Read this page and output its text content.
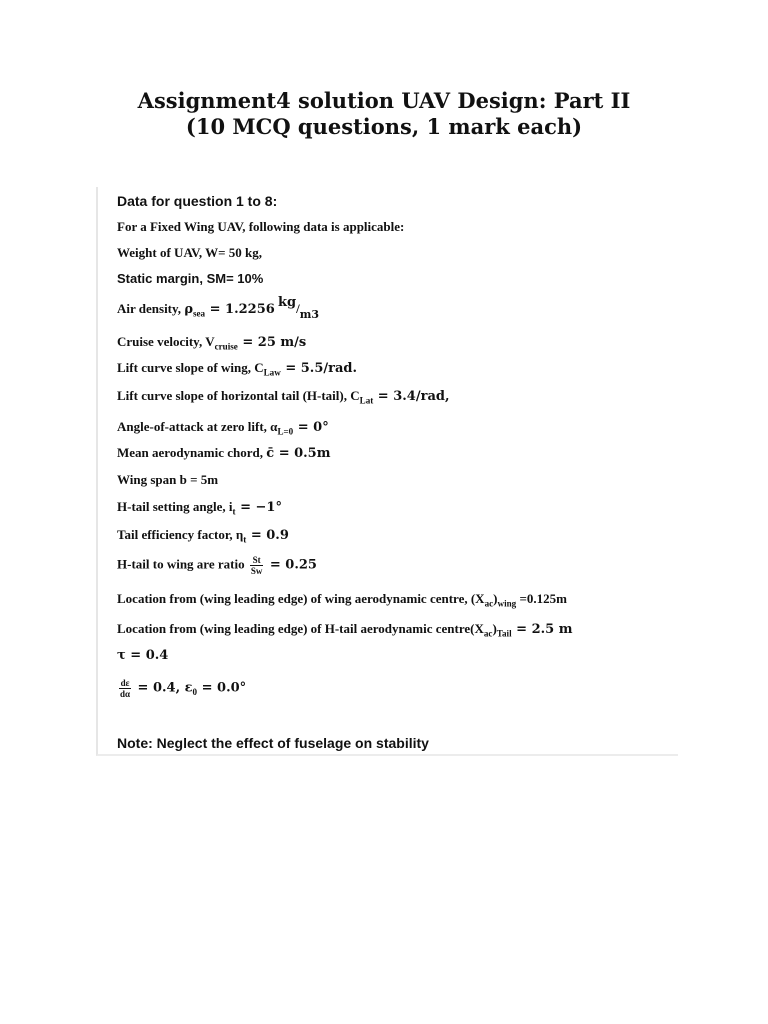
Assignment4 solution UAV Design: Part II
(10 MCQ questions, 1 mark each)
Data for question 1 to 8:
For a Fixed Wing UAV, following data is applicable:
Weight of UAV, W= 50 kg,
Static margin, SM= 10%
Air density, $\rho_{sea} = 1.2256$ $kg/_{m3}$
Cruise velocity, $V_{cruise} = 25$ m/s
Lift curve slope of wing, $C_{Law} = 5.5/rad$.
Lift curve slope of horizontal tail (H-tail), $C_{Lat} = 3.4/rad$,
Angle-of-attack at zero lift, $\alpha_{L=0} = 0^\circ$
Mean aerodynamic chord, c̄ = 0.5m
Wing span b = 5m
H-tail setting angle, $i_t = -1^\circ$
Tail efficiency factor, $\eta_t = 0.9$
H-tail to wing are ratio $\frac{St}{Sw} = 0.25$
Location from (wing leading edge) of wing aerodynamic centre, $(X_{ac})_{wing} =0.125m$
Location from (wing leading edge) of H-tail aerodynamic $centre(X_{ac})_{Tail} = 2.5$ m
τ = 0.4
$\frac{d\varepsilon}{d\alpha} = 0.4$, $\varepsilon_0 = 0.0^\circ$
Note: Neglect the effect of fuselage on stability
